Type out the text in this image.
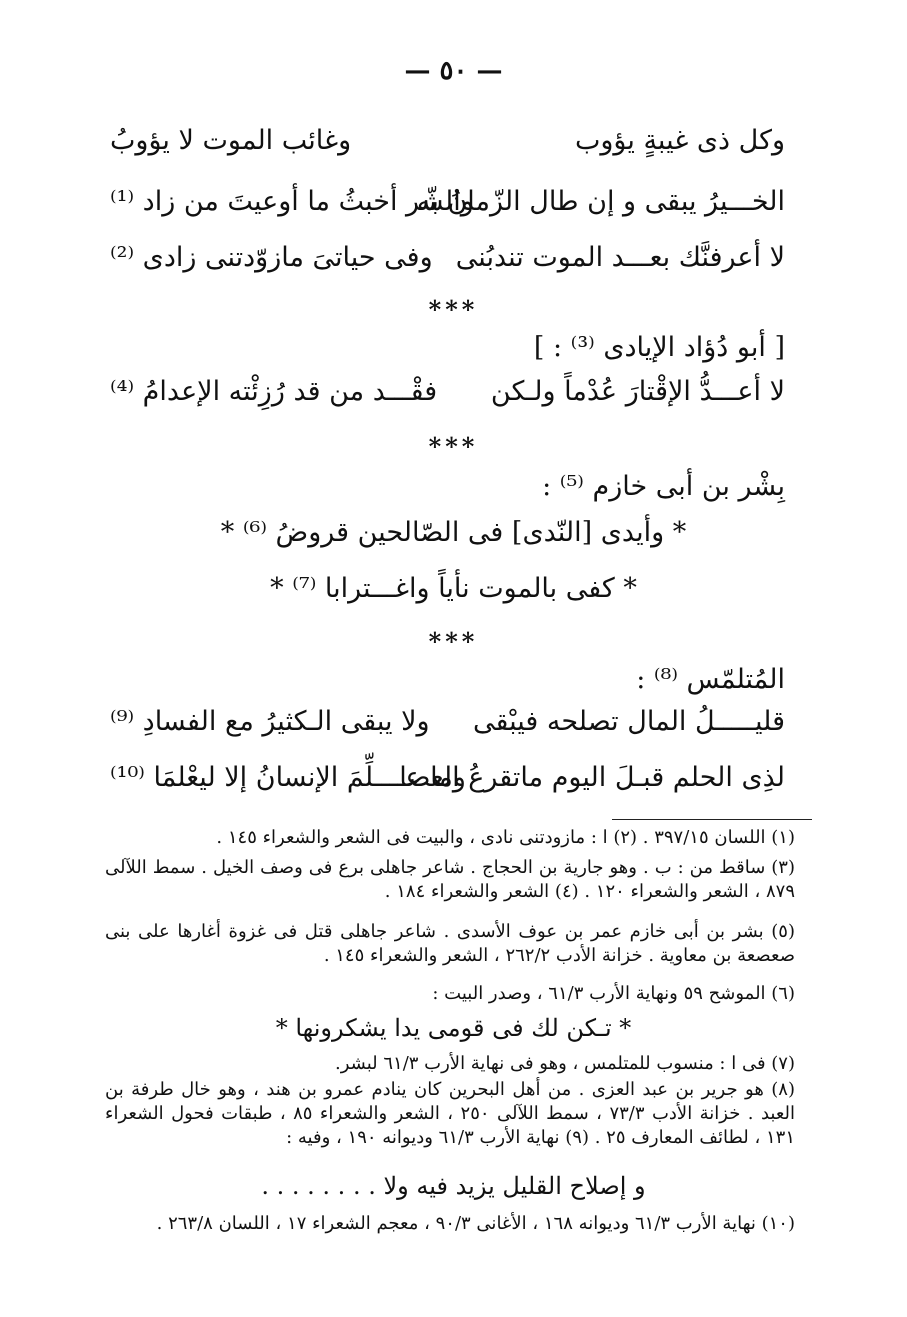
— ٥٠ —
وكل ذى غيبةٍ يؤوب
وغائب الموت لا يؤوبُ
الخـــيرُ يبقى و إن طال الزّمانُ به
والشّر أخبثُ ما أوعيتَ من زاد ⁽¹⁾
لا أعرفنَّك بعـــد الموت تندبُنى
وفى حياتىَ مازوّدتنى زادى ⁽²⁾
***
[ أبو دُؤاد الإيادى ⁽³⁾ : ]
لا أعـــدُّ الإقْتارَ عُدْماً ولـكن
فقْـــد من قد رُزِئْته الإعدامُ ⁽⁴⁾
***
بِشْر بن أبى خازم ⁽⁵⁾ :
* وأيدى [النّدى] فى الصّالحين قروضُ ⁽⁶⁾ *
* كفى بالموت نأياً واغـــترابا ⁽⁷⁾ *
***
المُتلمّس ⁽⁸⁾ :
قليـــــلُ المال تصلحه فيبْقى
ولا يبقى الـكثيرُ مع الفسادِ ⁽⁹⁾
لذِى الحلم قبـلَ اليوم ماتقرعُ العصا
وما عــــلِّمَ الإنسانُ إلا ليعْلمَا ⁽¹⁰⁾
(١) اللسان ٣٩٧/١٥ . (٢) ا : مازودتنى نادى ، والبيت فى الشعر والشعراء ١٤٥ .
(٣) ساقط من : ب . وهو جارية بن الحجاج . شاعر جاهلى برع فى وصف الخيل . سمط اللآلى ٨٧٩ ، الشعر والشعراء ١٢٠ . (٤) الشعر والشعراء ١٨٤ .
(٥) بشر بن أبى خازم عمر بن عوف الأسدى . شاعر جاهلى قتل فى غزوة أغارها على بنى صعصعة بن معاوية . خزانة الأدب ٢٦٢/٢ ، الشعر والشعراء ١٤٥ .
(٦) الموشح ٥٩ ونهاية الأرب ٦١/٣ ، وصدر البيت :
* تـكن لك فى قومى يدا يشكرونها *
(٧) فى ا : منسوب للمتلمس ، وهو فى نهاية الأرب ٦١/٣ لبشر.
(٨) هو جرير بن عبد العزى . من أهل البحرين كان ينادم عمرو بن هند ، وهو خال طرفة بن العبد . خزانة الأدب ٧٣/٣ ، سمط اللآلى ٢٥٠ ، الشعر والشعراء ٨٥ ، طبقات فحول الشعراء ١٣١ ، لطائف المعارف ٢٥ . (٩) نهاية الأرب ٦١/٣ وديوانه ١٩٠ ، وفيه :
و إصلاح القليل يزيد فيه ولا . . . . . . . .
(١٠) نهاية الأرب ٦١/٣ وديوانه ١٦٨ ، الأغانى ٩٠/٣ ، معجم الشعراء ١٧ ، اللسان ٢٦٣/٨ .
